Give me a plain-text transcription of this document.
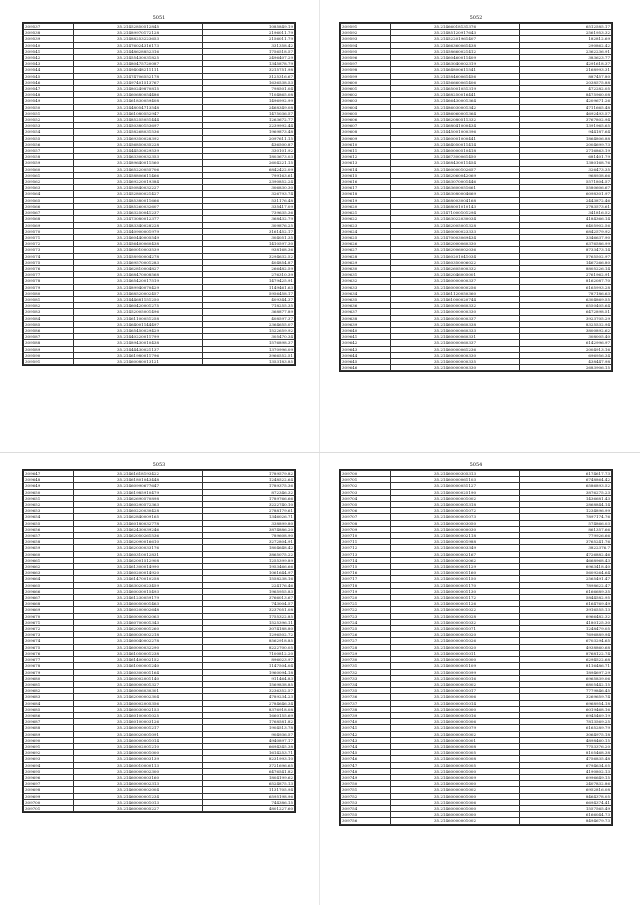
5051
309537	35.21452850512845	1085849.19
309538	35.21489970172128	2196011.79
309539	35.21488253223653	2156011.79
309540	35.21476024316173	331358.42
309541	35.21448628852316	1756518.57
309542	35.21455430031825	2496407.29
309543	35.21480475720087	1345878.79
309544	35.21494048211111	3215751.98
309545	35.21474706552178	3125316.67
309546	35.21497401513767	1636538.53
309547	35.21480249870815	798501.04
309548	35.21460680054486	7104865.08
309549	35.21461830059408	1496992.99
309550	35.21448054713548	2468349.08
309551	35.21461080552947	1475036.57
309552	35.21485255051444	1263672.77
309553	35.21450380153697	2239992.44
309554	35.21458268031536	1969873.48
309555	35.21469350028392	2097611.15
309556	35.21456850035228	436500.87
309557	35.21444530029539	330101.92
309558	35.21463300032353	1803673.03
309559	35.21489640011560	2604221.15
309560	35.21465220055706	6842422.09
309561	35.21458806611466	799163.61
309562	35.21469220019384	2390852.24
309563	35.21450840032227	306830.30
309564	35.21452800021427	326793.74
309565	35.21485380011666	531176.48
309566	35.21485260032607	335417.09
309567	35.21463250041237	739635.36
309568	35.21473080012377	368432.79
309569	35.21483340028228	309876.25
309570	35.21440900001979	3161452.17
309571	35.21460440005549	304051.35
309572	35.21456400060438	1410597.30
309573	35.21460010003539	938168.36
309574	35.21458950004278	3294632.52
309575	35.21469570001283	404854.87
309576	35.21462810004827	266482.59
309577	35.21468470008568	276310.39
309578	35.21465420017519	1479425.91
309579	35.21489940070429	1149461.63
309580	35.21468520002457	5956458.17
309581	35.21444681151250	409344.37
309582	35.21460420001275	718255.35
309583	35.21452005001496	368877.89
309584	35.21461100051258	408597.37
309585	35.21464001144497	2364655.07
309586	35.21465450029429	1522659.92
309587	35.21440220011799	305470.34
309588	35.21489430010438	1576898.37
309589	35.21444430021137	1370996.09
309590	35.21461980011796	3966552.51
309591	35.21460080013121	1353183.85
5052
309591	35.21466018131376	6512585.17
309592	35.21485120917643	2561953.32
309593	35.21452201961407	182812.69
309594	35.21466360061438	290862.42
309595	35.21458660021412	2362236.91
309596	35.21460460011409	383623.77
309597	35.21463040002319	4291618.37
309598	35.21464800611541	2168993.31
309599	35.21458460061456	887457.80
309600	35.21456660061406	2038575.88
309601	35.21465001051319	472282.05
309602	35.21468250016441	8475960.08
309603	35.21466430001364	4209671.26
309604	35.21486030001342	4711665.48
309605	35.21486060001364	4692493.57
309606	35.21462080511332	3767802.94
309607	35.21468041000434	1391965.65
309608	35.21445001000396	944187.64
309609	35.21460001000441	1864806.88
309610	35.21464050011414	2004699.73
309611	35.21460000510418	2716863.19
309612	35.21467300061450	681401.79
309613	35.21468430011454	1380168.76
309614	35.21460000102657	326473.35
309615	35.21462060042069	968938.66
309616	35.21463070001446	5571804.57
309617	35.21463600051661	5580606.67
309618	35.21463080004669	6098301.97
309619	35.21468003004168	2443872.46
309620	35.21468001010143	2783573.61
309621	35.21471000101294	341816.52
309622	35.21463022030034	4184366.14
309623	35.21462005001328	6405902.56
309624	35.21460000023333	6842579.92
309625	35.21470003069434	3346637.90
309626	35.21462000060330	6376586.99
309627	35.21462006002036	8733473.14
309628	35.21460201041034	5765502.97
309629	35.21460350006022	1467266.80
309630	35.21462605000332	8805226.14
309631	35.21462046005001	2761962.91
309632	35.21460000000337	8162087.70
309633	35.21460000000256	6165993.28
309634	35.21461120050360	787186.63
309635	35.21461000020744	6304869.55
309636	35.21460000060332	6550405.64
309637	35.21460000000330	6472898.51
309638	35.21460050000337	3923705.29
309639	35.21460000060338	8325532.94
309640	35.21460000060333	3800892.62
309641	35.21460000060331	308005.40
309642	35.21460000060337	6142996.97
309643	35.21460000061236	2004913.16
309644	35.21460000000330	696956.34
309645	35.21460000000335	438447.98
309646	35.21460000000330	2683906.15
5053
309647	35.21461618193422	1789579.82
309648	35.21461801043448	1248522.64
309649	35.21460990677647	1789375.36
309650	35.21461985910479	872346.32
309651	35.21462690570898	1789766.66
309652	35.21460290572363	3222740.10
309653	35.21460220030428	2788179.61
309654	35.21462840009165	1346026.71
309655	35.21460180032778	338899.80
309656	35.21462430039246	3874886.20
309657	35.21462050261536	789608.90
309658	35.21462090016610	3272804.91
309659	35.21462030033176	1804648.42
309660	35.21460310012831	3865075.22
309661	35.21462001512908	1255399.89
309662	35.21461300014990	1953466.66
309663	35.21460200014920	1061644.97
309664	35.21461470010258	1558238.16
309665	35.21463020023459	224176.46
309666	35.21460030015493	1965955.83
309667	35.21461230059179	3766013.67
309668	35.21460050001463	743004.57
309669	35.21460200002648	3237051.08
309670	35.21460000002063	1755322.85
309671	35.21460700001343	1525396.11
309672	35.21462000001260	3074188.80
309673	35.21460030002218	1296502.72
309674	35.21460040002278	8562918.85
309675	35.21460000032290	8222700.05
309676	35.21461050001238	7100812.20
309677	35.21461400002152	896023.97
309678	35.21461000001240	1147504.04
309679	35.21460300001164	1960094.18
309680	35.21460002001140	911464.83
309681	35.21460000001327	1569838.85
309682	35.21460006030301	3236352.57
309683	35.21462000002304	4789234.23
309684	35.21460002005356	2784646.34
309685	35.21460030002153	8376918.08
309686	35.21460100001025	1660155.69
309687	35.21460100003126	1768581.82
309688	35.21460000001217	1904513.78
309689	35.21460020001091	904936.57
309690	35.21460000001014	4940897.17
309691	35.21460002001210	6694345.38
309692	35.21460000001000	1614253.71
309693	35.21460000003139	8231993.10
309694	35.21460010000113	3721696.65
309695	35.21460000002300	6476541.82
309696	35.21460000003160	1804199.62
309697	35.21460000002313	6524875.13
309698	35.21460000002004	1131705.94
309699	35.21460000001234	6595198.96
309700	35.21460000001013	744386.15
309701	35.21460000005227	4801227.60
5054
309700	35.21460000305313	6174617.73
309701	35.21460000061103	6748864.42
309702	35.21460000051127	6586893.52
309703	35.21460000025190	3876275.23
309704	35.21460000001002	1436681.43
309705	35.21460000001318	2868844.14
309706	35.21460000001072	1234896.99
309707	35.21460000001073	7897174.76
309708	35.21460000003050	574866.03
309709	35.21460000000030	861357.66
309710	35.21460000002118	779926.66
309711	35.21460000001988	3765241.76
309712	35.21460000003349	3822376.7
309713	35.21460000002167	4726882.46
309714	35.21460000002062	4668968.43
309715	35.21460000001129	6963418.40
309716	35.21460000001160	5609264.64
309717	35.21460000001150	2565491.47
309718	35.21460000001170	7898622.47
309719	35.21460000001130	6166689.35
309720	35.21460000001172	5844582.95
309721	35.21460000001126	6164769.49
309722	35.21460000001022	3916555.13
309723	35.21460000001028	6966482.32
309724	35.21460000001032	4180125.30
309725	35.21460000001071	1248479.05
309726	35.21460000001020	7696889.94
309727	35.21460000001026	6703294.65
309728	35.21460000001020	4938860.68
309729	35.21460000001011	8768122.74
309730	35.21460000001000	6294522.68
309731	35.21460000001109	8116486.71
309732	35.21460000001099	1894697.29
309733	35.21460000001016	6965839.06
309734	35.21460000001002	6805442.15
309735	35.21460000001017	7779846.45
309736	35.21460000001006	3269659.74
309737	35.21460000001014	6968954.18
309738	35.21460000001000	6019468.16
309739	35.21460000001016	6945469.19
309740	35.21460000001006	7813569.25
309741	35.21460000001079	6165289.79
309742	35.21460000001002	3064975.18
309743	35.21460000001001	4898460.15
309744	35.21460000001008	7753376.20
309745	35.21460000001005	8105468.38
309746	35.21460000001008	4756835.48
309747	35.21460000001005	6794634.05
309748	35.21460000001000	4190802.13
309749	35.21460000001009	6996649.15
309750	35.21460000001000	2407832.86
309751	35.21460000001002	6952816.08
309752	35.21460000001000	8464378.05
309753	35.21460000001006	6694374.41
309754	35.21460000001000	1557565.49
309755	35.21460000001000	6166044.73
309756	35.21460000001002	8494679.73
